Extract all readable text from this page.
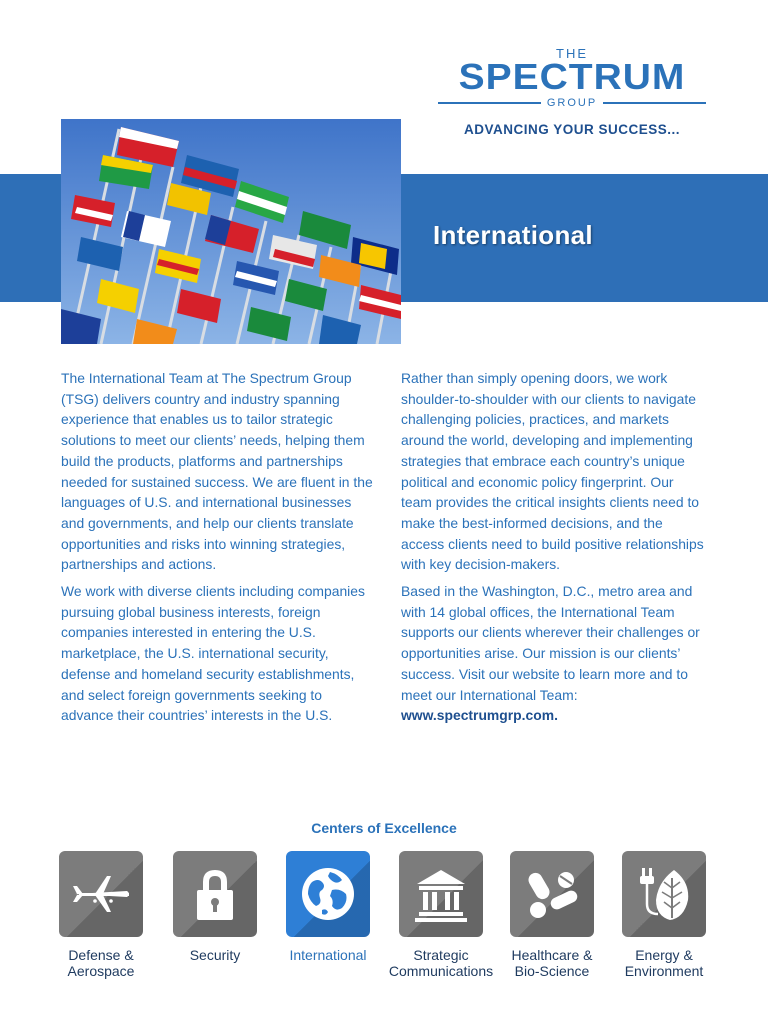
THE
SPECTRUM
GROUP
ADVANCING YOUR SUCCESS...
International

The International Team at The Spectrum Group (TSG) delivers country and industry spanning experience that enables us to tailor strategic solutions to meet our clients’ needs, helping them build the products, platforms and partnerships needed for sustained success. We are fluent in the languages of U.S. and international businesses and governments, and help our clients translate opportunities and risks into winning strategies, partnerships and actions.

We work with diverse clients including companies pursuing global business interests, foreign companies interested in entering the U.S. marketplace, the U.S. international security, defense and homeland security establishments, and select foreign governments seeking to advance their countries’ interests in the U.S.

Rather than simply opening doors, we work shoulder-to-shoulder with our clients to navigate challenging policies, practices, and markets around the world, developing and implementing strategies that embrace each country’s unique political and economic policy fingerprint. Our team provides the critical insights clients need to make the best-informed decisions, and the access clients need to build positive relationships with key decision-makers.

Based in the Washington, D.C., metro area and with 14 global offices, the International Team supports our clients wherever their challenges or opportunities arise. Our mission is our clients’ success. Visit our website to learn more and to meet our International Team: www.spectrumgrp.com.

Centers of Excellence
Defense &
Aerospace
Security	International	Strategic
Communications
Healthcare &
Bio-Science
Energy &
Environment
